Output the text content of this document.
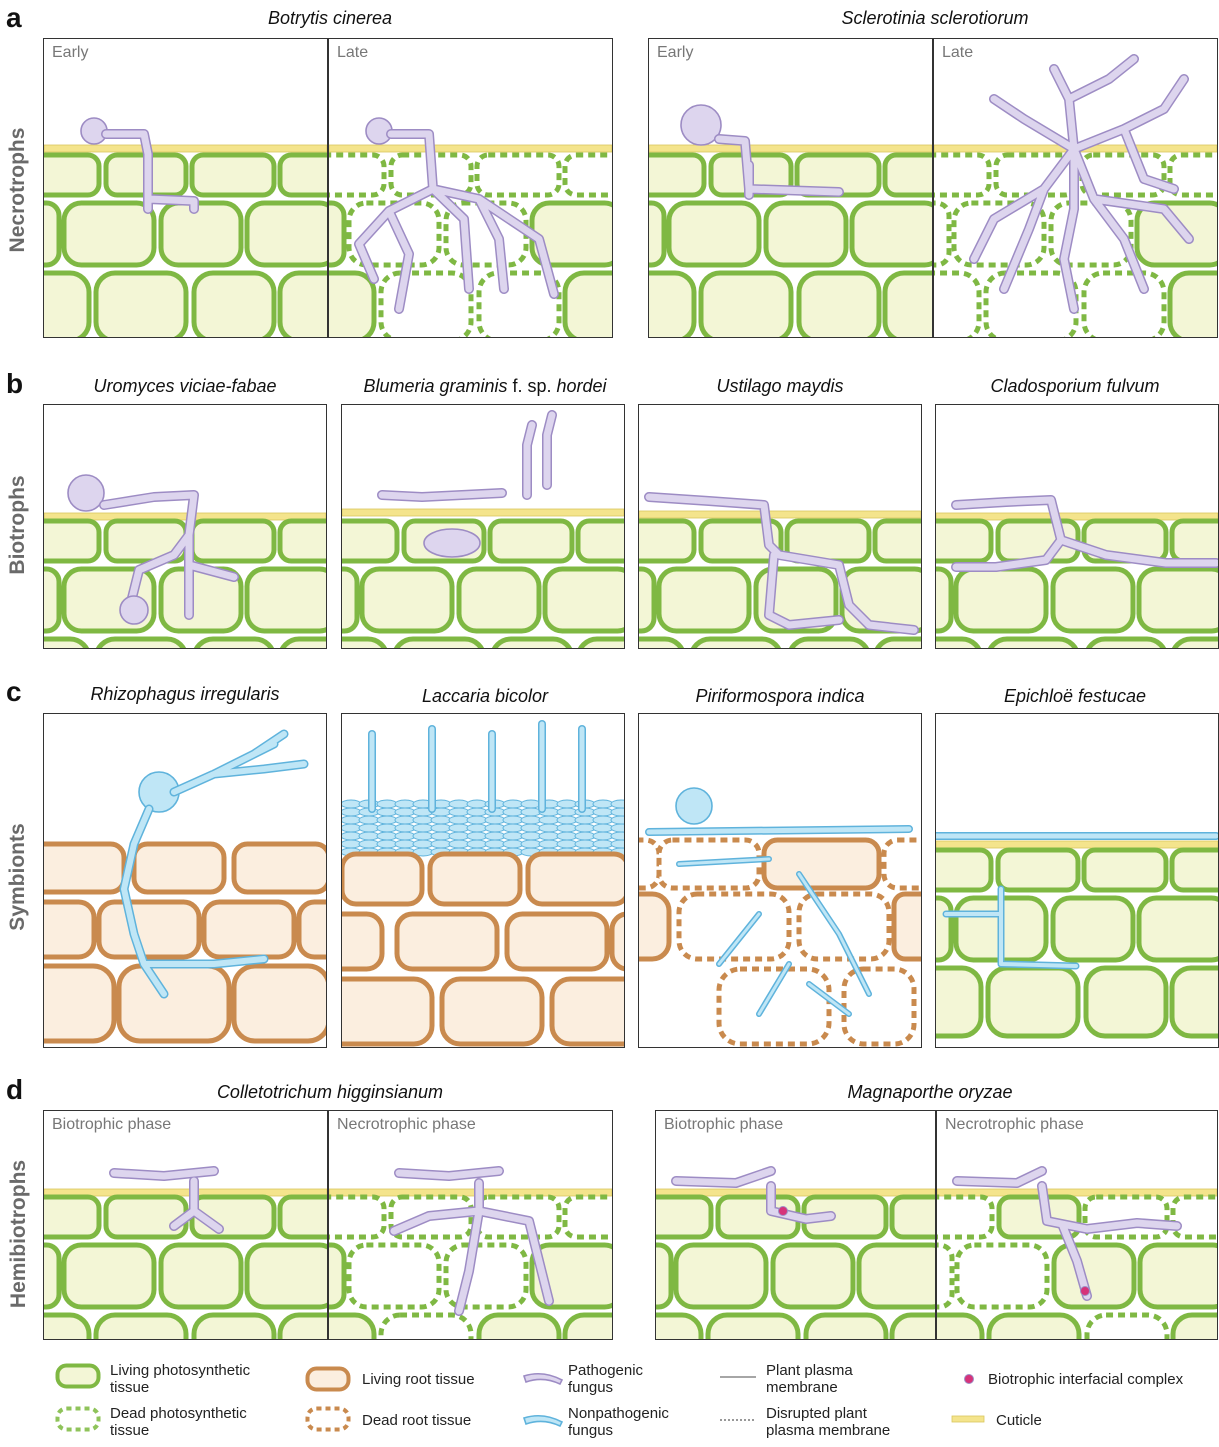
a
b
c
d
Necrotrophs
Biotrophs
Symbionts
Hemibiotrophs
Botrytis cinerea	Sclerotinia sclerotiorum
Uromyces viciae-fabae	Blumeria graminis f. sp. hordei	Ustilago maydis	Cladosporium fulvum
Rhizophagus irregularis	Laccaria bicolor	Piriformospora indica	Epichloë festucae
Colletotrichum higginsianum	Magnaporthe oryzae
Early	Late	Early	Late
Biotrophic phase	Necrotrophic phase	Biotrophic phase	Necrotrophic phase
Living photosynthetic tissue
Dead photosynthetic tissue
Living root tissue
Dead root tissue
Pathogenic fungus
Nonpathogenic fungus
Plant plasma membrane
Disrupted plant plasma membrane
Biotrophic interfacial complex
Cuticle
